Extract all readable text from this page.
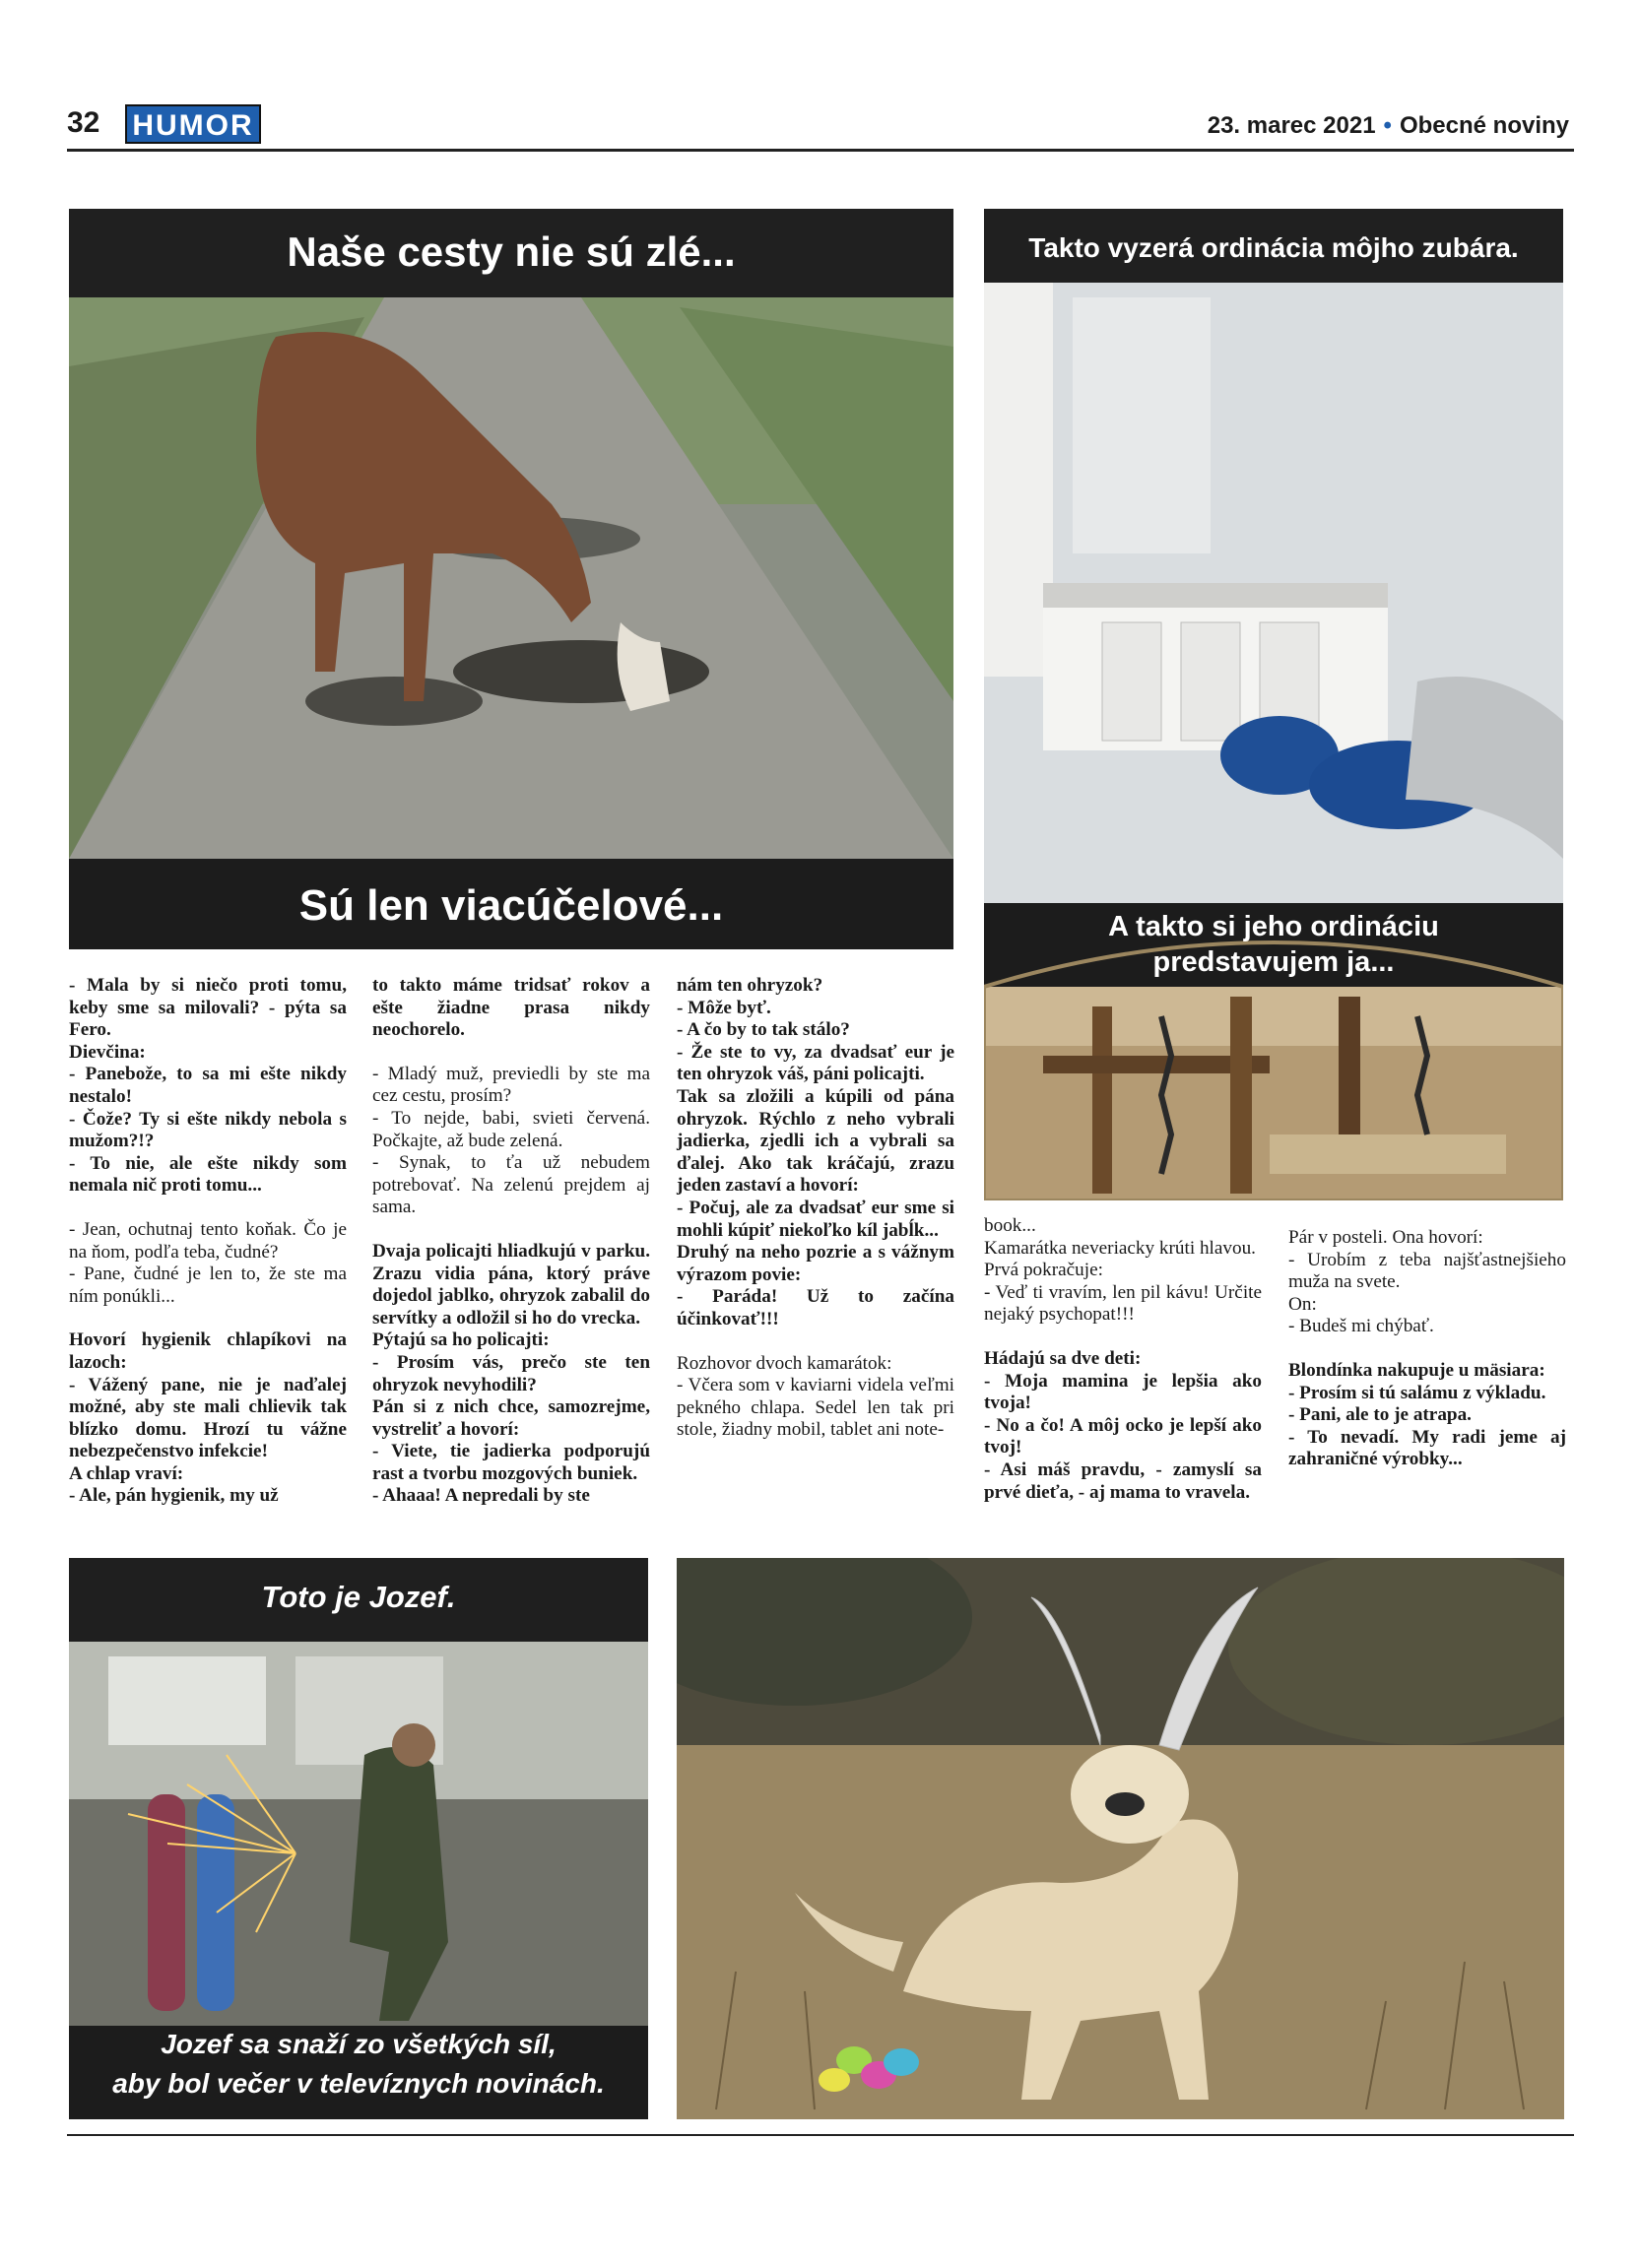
32 HUMOR	23. marec 2021 • Obecné noviny
Naše cesty nie sú zlé...
Sú len viacúčelové...
Takto vyzerá ordinácia môjho zubára.
A takto si jeho ordináciu
predstavujem ja...

- Mala by si niečo proti tomu, keby sme sa milovali? - pýta sa Fero.

Dievčina:

- Panebože, to sa mi ešte nikdy nestalo!

- Čože? Ty si ešte nikdy nebola s mužom?!?

- To nie, ale ešte nikdy som nemala nič proti tomu...

- Jean, ochutnaj tento koňak. Čo je na ňom, podľa teba, čudné?

- Pane, čudné je len to, že ste ma ním ponúkli...

Hovorí hygienik chlapíkovi na lazoch:

- Vážený pane, nie je naďalej možné, aby ste mali chlievik tak blízko domu. Hrozí tu vážne nebezpečenstvo infekcie!

A chlap vraví:

- Ale, pán hygienik, my už

to takto máme tridsať rokov a ešte žiadne prasa nikdy neochorelo.

- Mladý muž, previedli by ste ma cez cestu, prosím?

- To nejde, babi, svieti červená. Počkajte, až bude zelená.

- Synak, to ťa už nebudem potrebovať. Na zelenú prejdem aj sama.

Dvaja policajti hliadkujú v parku. Zrazu vidia pána, ktorý práve dojedol jablko, ohryzok zabalil do servítky a odložil si ho do vrecka.

Pýtajú sa ho policajti:

- Prosím vás, prečo ste ten ohryzok nevyhodili?

Pán si z nich chce, samozrejme, vystreliť a hovorí:

- Viete, tie jadierka podporujú rast a tvorbu mozgových buniek.

- Ahaaa! A nepredali by ste

nám ten ohryzok?

- Môže byť.

- A čo by to tak stálo?

- Že ste to vy, za dvadsať eur je ten ohryzok váš, páni policajti.

Tak sa zložili a kúpili od pána ohryzok. Rýchlo z neho vybrali jadierka, zjedli ich a vybrali sa ďalej. Ako tak kráčajú, zrazu jeden zastaví a hovorí:

- Počuj, ale za dvadsať eur sme si mohli kúpiť niekoľko kíl jabĺk...

Druhý na neho pozrie a s vážnym výrazom povie:

- Paráda! Už to začína účinkovať!!!

Rozhovor dvoch kamarátok:

- Včera som v kaviarni videla veľmi pekného chlapa. Sedel len tak pri stole, žiadny mobil, tablet ani note-

book...

Kamarátka neveriacky krúti hlavou.

Prvá pokračuje:

- Veď ti vravím, len pil kávu! Určite nejaký psychopat!!!

Hádajú sa dve deti:

- Moja mamina je lepšia ako tvoja!

- No a čo! A môj ocko je lepší ako tvoj!

- Asi máš pravdu, - zamyslí sa prvé dieťa, - aj mama to vravela.

Pár v posteli. Ona hovorí:

- Urobím z teba najšťastnejšieho muža na svete.

On:

- Budeš mi chýbať.

Blondínka nakupuje u mäsiara:

- Prosím si tú salámu z výkladu.

- Pani, ale to je atrapa.

- To nevadí. My radi jeme aj zahraničné výrobky...

Toto je Jozef.
Jozef sa snaží zo všetkých síl,
aby bol večer v televíznych novinách.
